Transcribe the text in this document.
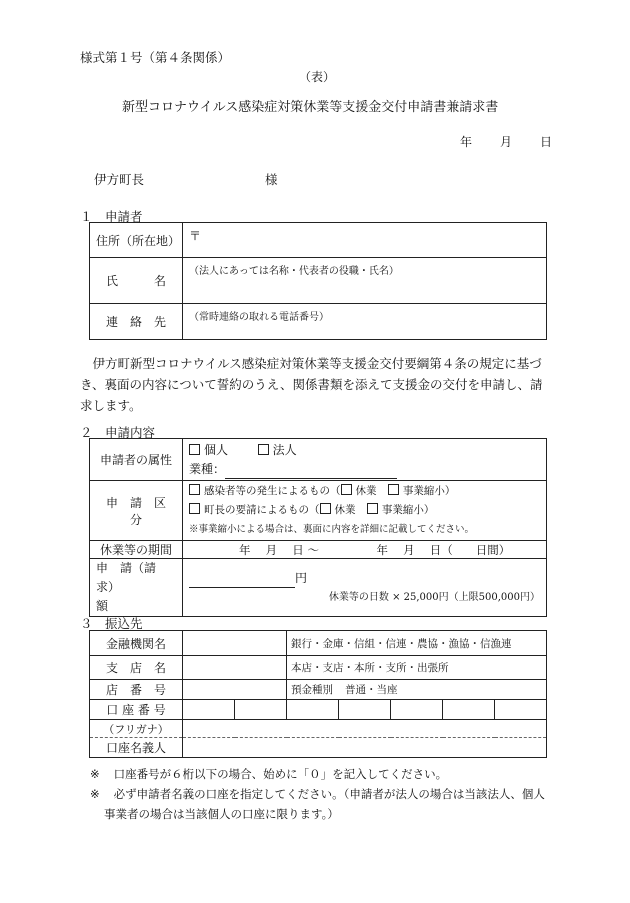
様式第１号（第４条関係）
（表）
新型コロナウイルス感染症対策休業等支援金交付申請書兼請求書
年 月 日
伊方町長	様
１　申請者
住所（所在地）	〒
氏　　　名	（法人にあっては名称・代表者の役職・氏名）
連　絡　先	（常時連絡の取れる電話番号）
伊方町新型コロナウイルス感染症対策休業等支援金交付要綱第４条の規定に基づき、裏面の内容について誓約のうえ、関係書類を添えて支援金の交付を申請し、請求します。
２　申請内容
申請者の属性	個人 法人
業種：
申　請　区　分	感染者等の発生によるもの（ 休業 事業縮小）
町長の要請によるもの（ 休業 事業縮小）
※事業縮小による場合は、裏面に内容を詳細に記載してください。
休業等の期間	年　 月　 日 〜　　　　　年　 月　 日（　　日間）
申　請（請求）
額	円

休業等の日数 × 25,000円（上限500,000円）
３　振込先
金融機関名			銀行・金庫・信組・信連・農協・漁協・信漁連				
支　店　名			本店・支店・本所・支所・出張所				
店　番　号			預金種別 普通・当座				
口 座 番 号							
（フリガナ）							
口座名義人							
※ 口座番号が６桁以下の場合、始めに「０」を記入してください。
※ 必ず申請者名義の口座を指定してください。（申請者が法人の場合は当該法人、個人
事業者の場合は当該個人の口座に限ります。）
